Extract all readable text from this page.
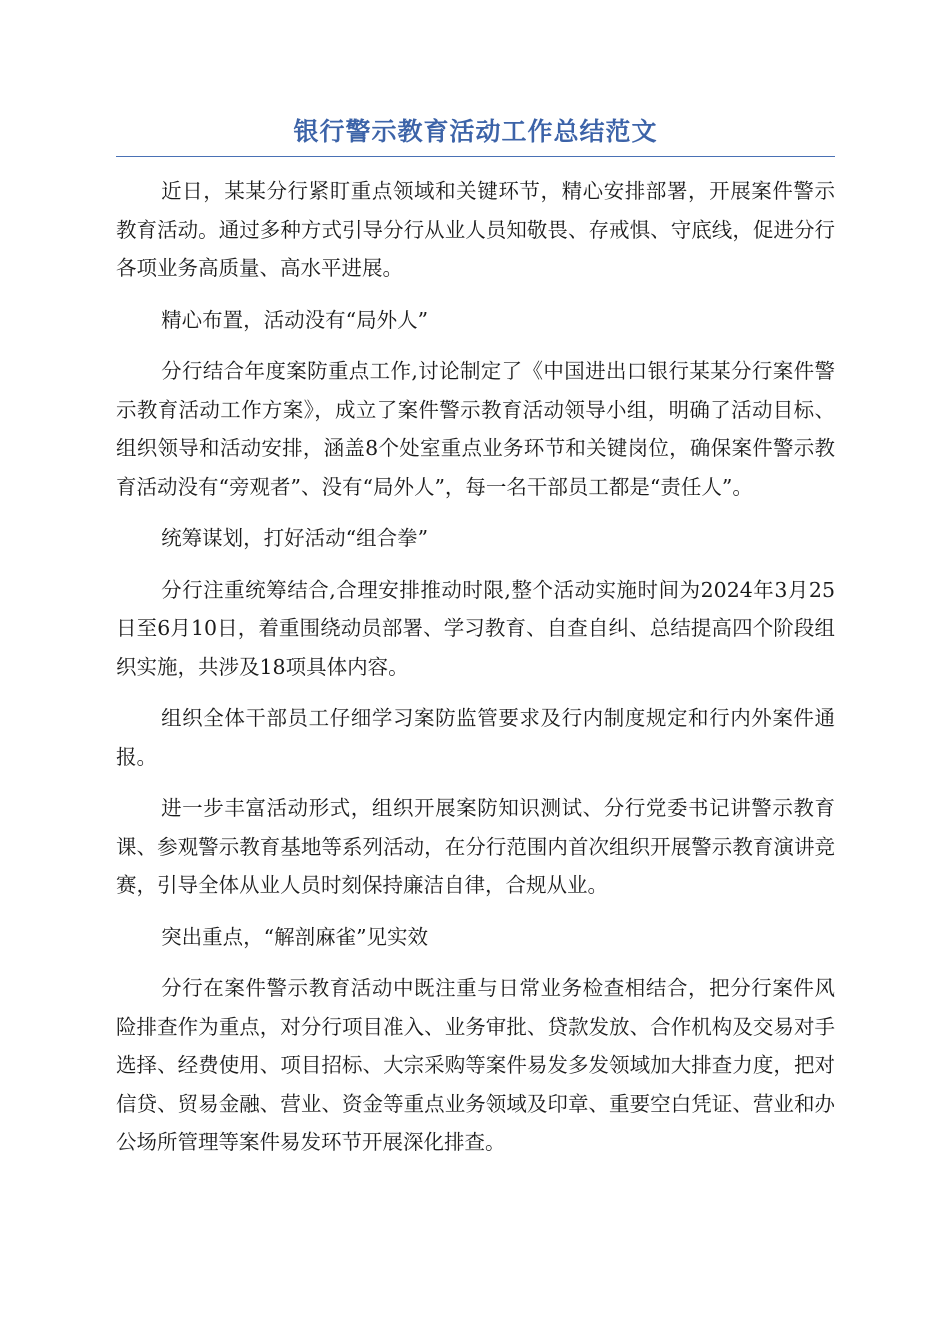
银行警示教育活动工作总结范文

近日，某某分行紧盯重点领域和关键环节，精心安排部署，开展案件警示教育活动。通过多种方式引导分行从业人员知敬畏、存戒惧、守底线，促进分行各项业务高质量、高水平进展。

精心布置，活动没有“局外人”

分行结合年度案防重点工作,讨论制定了《中国进出口银行某某分行案件警示教育活动工作方案》，成立了案件警示教育活动领导小组，明确了活动目标、组织领导和活动安排，涵盖8个处室重点业务环节和关键岗位，确保案件警示教育活动没有“旁观者”、没有“局外人”，每一名干部员工都是“责任人”。

统筹谋划，打好活动“组合拳”

分行注重统筹结合,合理安排推动时限,整个活动实施时间为2024年3月25日至6月10日，着重围绕动员部署、学习教育、自查自纠、总结提高四个阶段组织实施，共涉及18项具体内容。

组织全体干部员工仔细学习案防监管要求及行内制度规定和行内外案件通报。

进一步丰富活动形式，组织开展案防知识测试、分行党委书记讲警示教育课、参观警示教育基地等系列活动，在分行范围内首次组织开展警示教育演讲竞赛，引导全体从业人员时刻保持廉洁自律，合规从业。

突出重点，“解剖麻雀”见实效

分行在案件警示教育活动中既注重与日常业务检查相结合，把分行案件风险排查作为重点，对分行项目准入、业务审批、贷款发放、合作机构及交易对手选择、经费使用、项目招标、大宗采购等案件易发多发领域加大排查力度，把对信贷、贸易金融、营业、资金等重点业务领域及印章、重要空白凭证、营业和办公场所管理等案件易发环节开展深化排查。
